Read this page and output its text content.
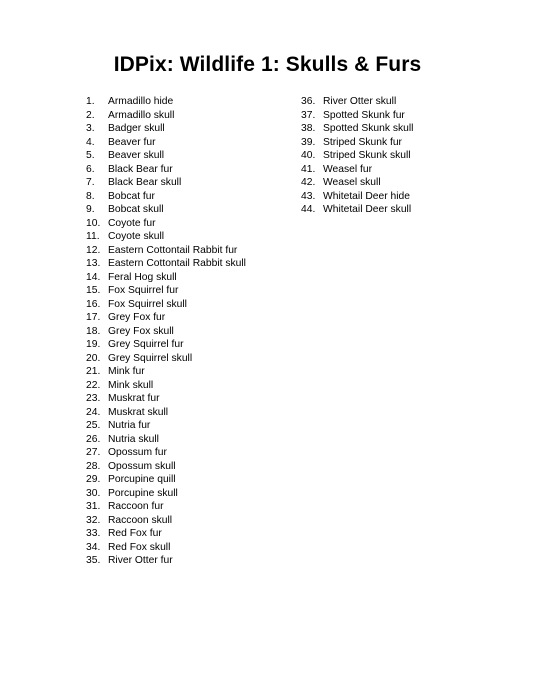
IDPix: Wildlife 1: Skulls & Furs
1.	Armadillo hide
2.	Armadillo skull
3.	Badger skull
4.	Beaver fur
5.	Beaver skull
6.	Black Bear fur
7.	Black Bear skull
8.	Bobcat fur
9.	Bobcat skull
10. Coyote fur
11. Coyote skull
12. Eastern Cottontail Rabbit fur
13. Eastern Cottontail Rabbit skull
14. Feral Hog skull
15. Fox Squirrel fur
16. Fox Squirrel skull
17. Grey Fox fur
18. Grey Fox skull
19. Grey Squirrel fur
20. Grey Squirrel skull
21. Mink fur
22. Mink skull
23. Muskrat fur
24. Muskrat skull
25. Nutria fur
26. Nutria skull
27. Opossum fur
28. Opossum skull
29. Porcupine quill
30. Porcupine skull
31. Raccoon fur
32. Raccoon skull
33. Red Fox fur
34. Red Fox skull
35. River Otter fur
36. River Otter skull
37. Spotted Skunk fur
38. Spotted Skunk skull
39. Striped Skunk fur
40. Striped Skunk skull
41. Weasel fur
42. Weasel skull
43. Whitetail Deer hide
44. Whitetail Deer skull
